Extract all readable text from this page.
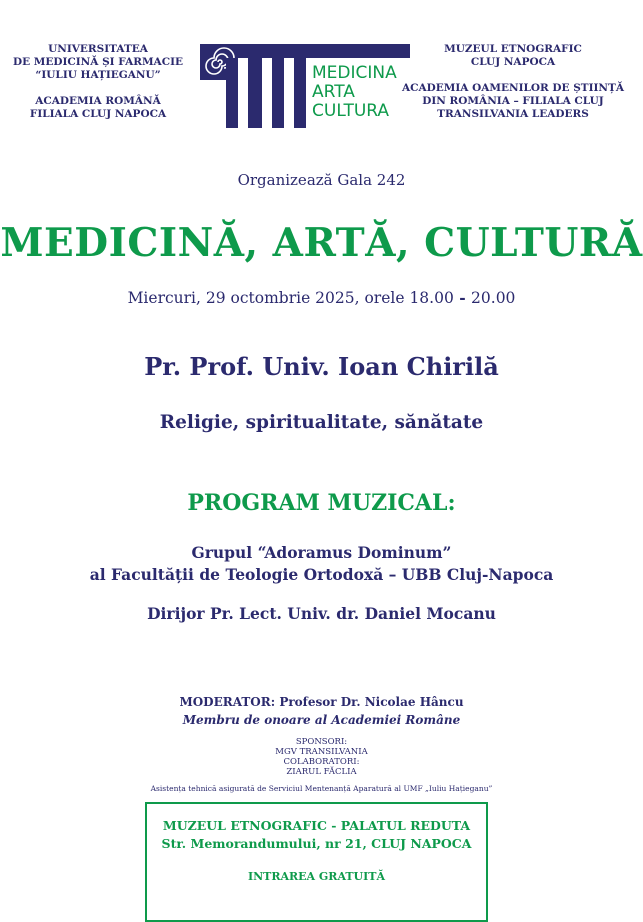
UNIVERSITATEA
DE MEDICINĂ ȘI FARMACIE
“IULIU HAȚIEGANU”
ACADEMIA ROMÂNĂ
FILIALA CLUJ NAPOCA
MEDICINA
ARTA
CULTURA
MUZEUL ETNOGRAFIC
CLUJ NAPOCA
ACADEMIA OAMENILOR DE ȘTIINȚĂ
DIN ROMÂNIA – FILIALA CLUJ
TRANSILVANIA LEADERS
Organizează Gala 242
MEDICINĂ, ARTĂ, CULTURĂ
Miercuri, 29 octombrie 2025, orele 18.00 - 20.00
Pr. Prof. Univ. Ioan Chirilă
Religie, spiritualitate, sănătate
PROGRAM MUZICAL:
Grupul “Adoramus Dominum”
al Facultății de Teologie Ortodoxă – UBB Cluj-Napoca
Dirijor Pr. Lect. Univ. dr. Daniel Mocanu
MODERATOR: Profesor Dr. Nicolae Hâncu
Membru de onoare al Academiei Române
SPONSORI:
MGV TRANSILVANIA
COLABORATORI:
ZIARUL FĂCLIA
Asistența tehnică asigurată de Serviciul Mentenanță Aparatură al UMF „Iuliu Hațieganu”
MUZEUL ETNOGRAFIC - PALATUL REDUTA
Str. Memorandumului, nr 21, CLUJ NAPOCA
INTRAREA GRATUITĂ
